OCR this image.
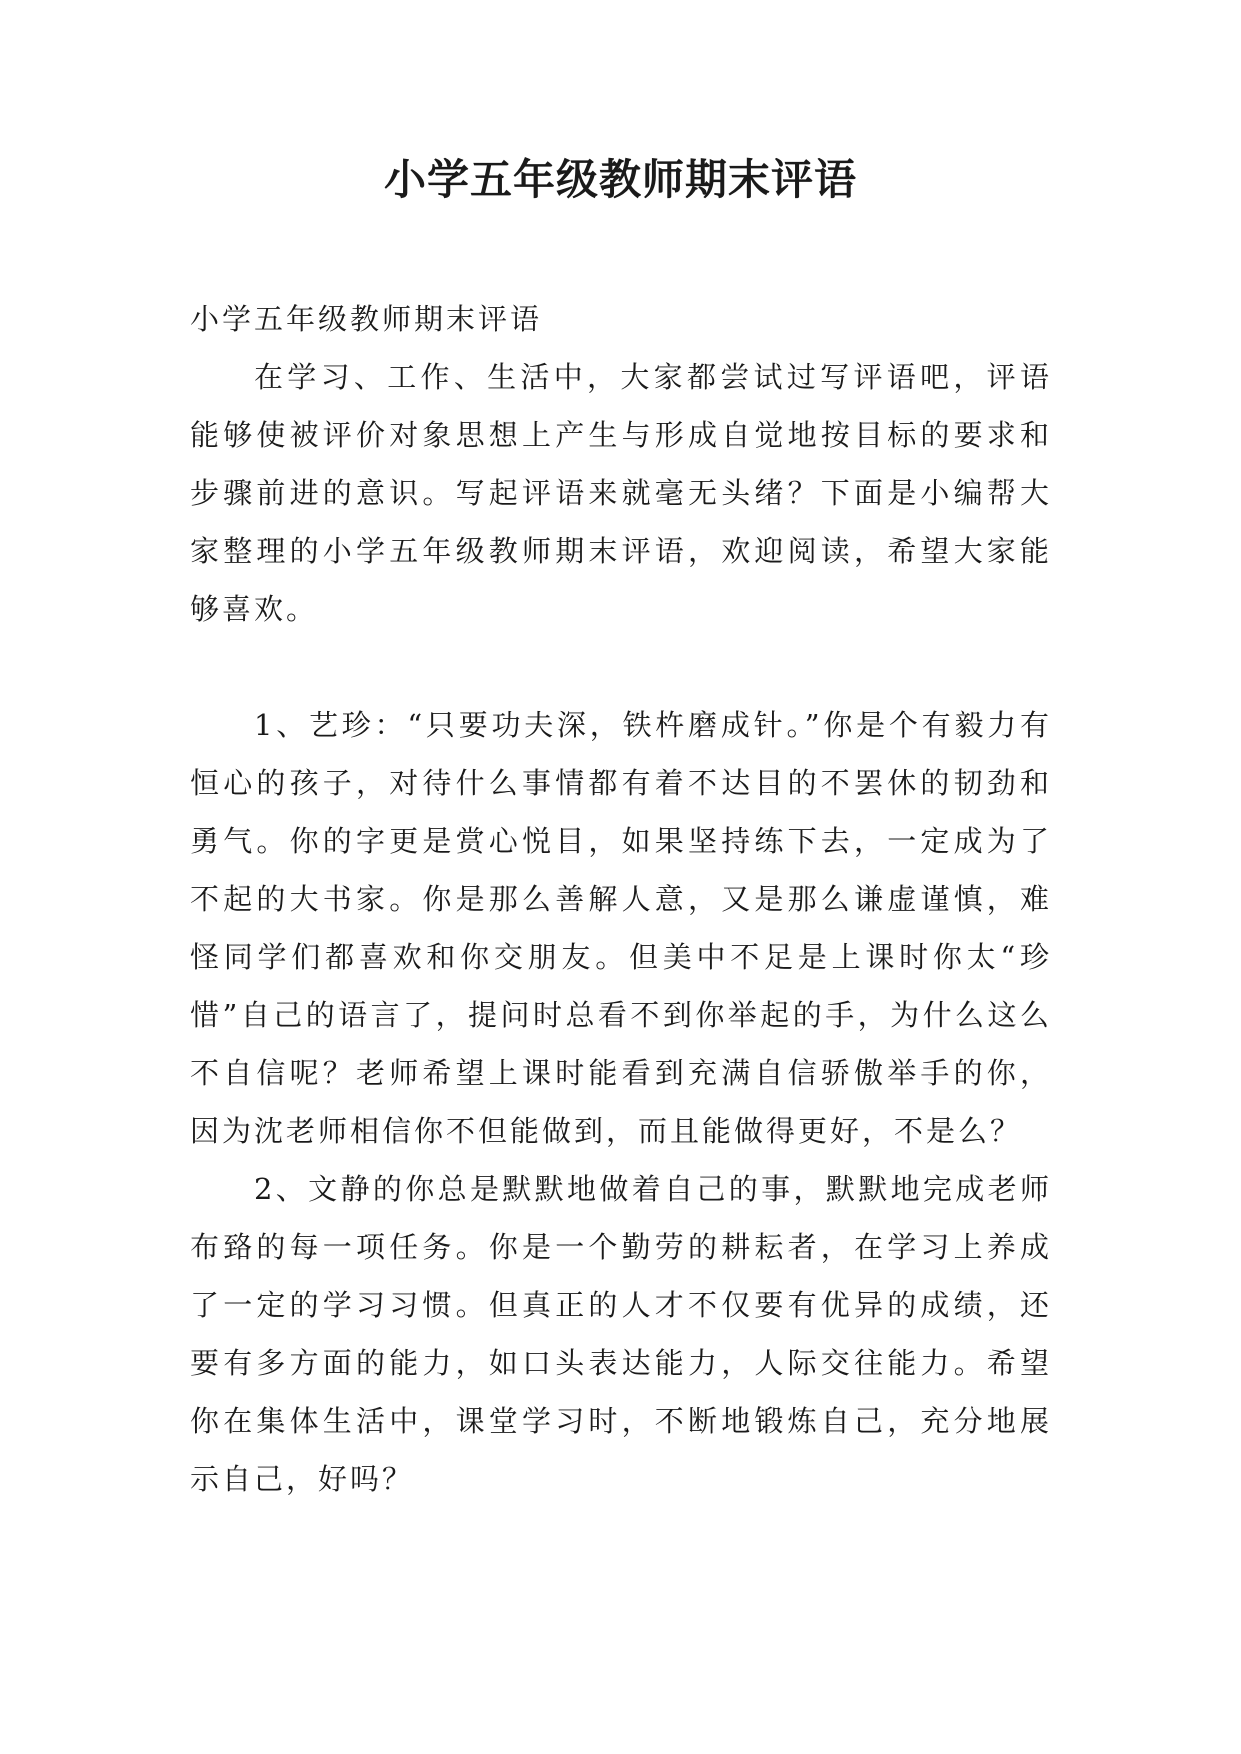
小学五年级教师期末评语

小学五年级教师期末评语

在学习、工作、生活中，大家都尝试过写评语吧，评语能够使被评价对象思想上产生与形成自觉地按目标的要求和步骤前进的意识。写起评语来就毫无头绪？下面是小编帮大家整理的小学五年级教师期末评语，欢迎阅读，希望大家能够喜欢。

1、艺珍：“只要功夫深，铁杵磨成针。”你是个有毅力有恒心的孩子，对待什么事情都有着不达目的不罢休的韧劲和勇气。你的字更是赏心悦目，如果坚持练下去，一定成为了不起的大书家。你是那么善解人意，又是那么谦虚谨慎，难怪同学们都喜欢和你交朋友。但美中不足是上课时你太“珍惜”自己的语言了，提问时总看不到你举起的手，为什么这么不自信呢？老师希望上课时能看到充满自信骄傲举手的你，因为沈老师相信你不但能做到，而且能做得更好，不是么？

2、文静的你总是默默地做着自己的事，默默地完成老师布臵的每一项任务。你是一个勤劳的耕耘者，在学习上养成了一定的学习习惯。但真正的人才不仅要有优异的成绩，还要有多方面的能力，如口头表达能力，人际交往能力。希望你在集体生活中，课堂学习时，不断地锻炼自己，充分地展示自己，好吗？
